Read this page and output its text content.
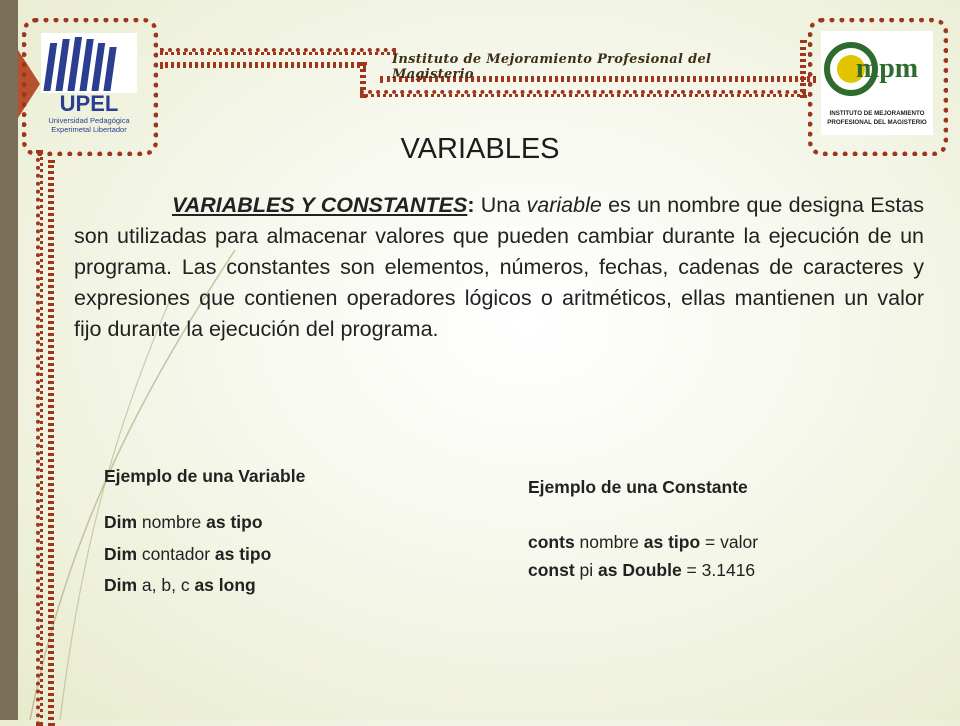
UPEL
Universidad Pedagógica
Experimetal Libertador
mpm
INSTITUTO DE MEJORAMIENTO
PROFESIONAL DEL MAGISTERIO
Instituto de Mejoramiento Profesional del Magisterio
VARIABLES
VARIABLES Y CONSTANTES: Una variable es un nombre que designa Estas son utilizadas para almacenar valores que pueden cambiar durante la ejecución de un programa. Las constantes son elementos, números, fechas, cadenas de caracteres y expresiones que contienen operadores lógicos o aritméticos, ellas mantienen un valor fijo durante la ejecución del programa.
Ejemplo de una Variable
Dim nombre as tipo
Dim contador as tipo
Dim a, b, c as long
Ejemplo de una Constante
conts nombre as tipo = valor
const pi as Double = 3.1416
